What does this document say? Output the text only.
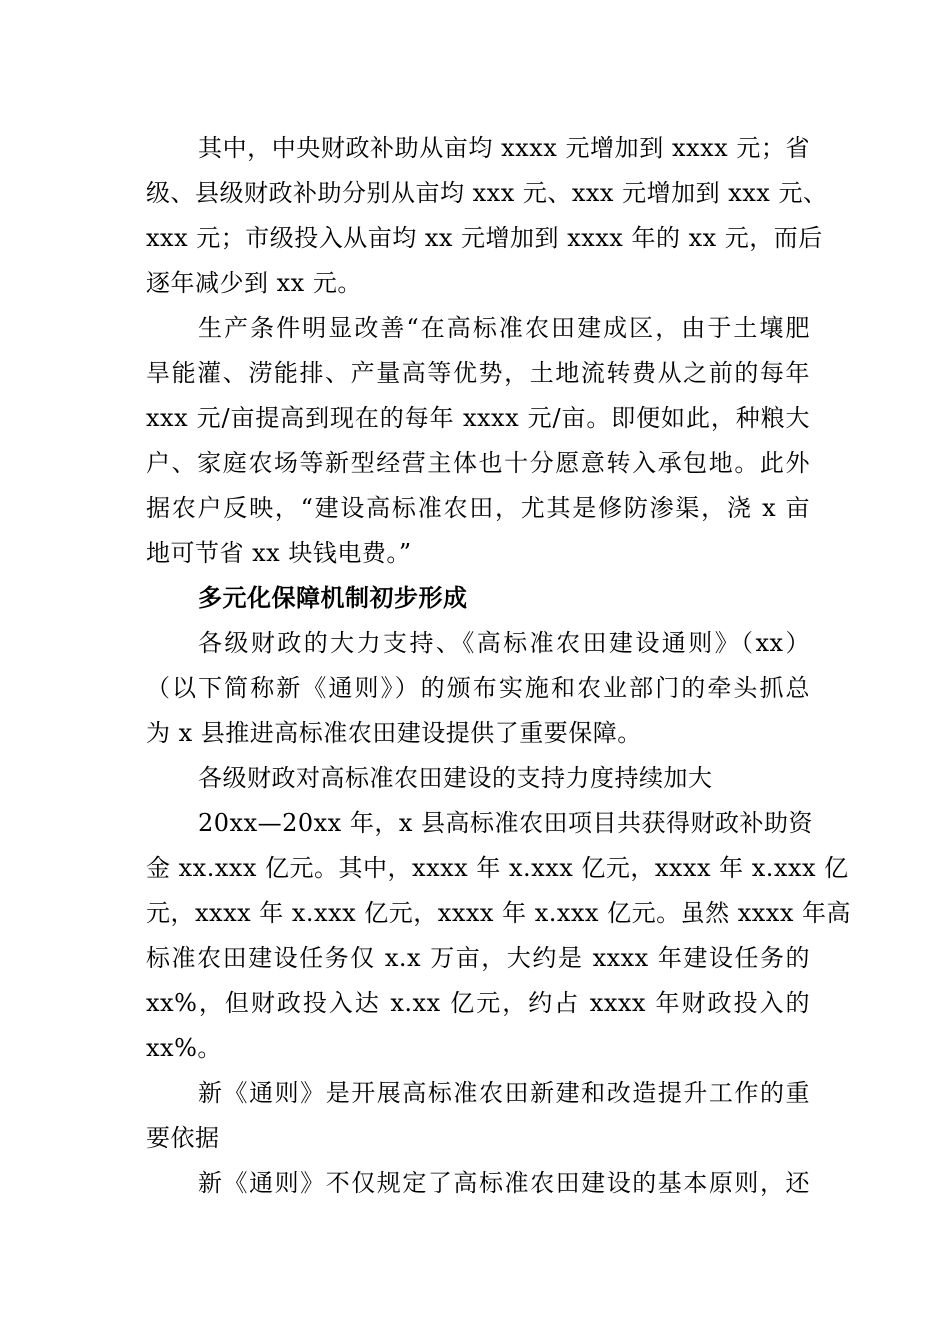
其中，中央财政补助从亩均 xxxx 元增加到 xxxx 元；省
级、县级财政补助分别从亩均 xxx 元、xxx 元增加到 xxx 元、
xxx 元；市级投入从亩均 xx 元增加到 xxxx 年的 xx 元，而后
逐年减少到 xx 元。
生产条件明显改善“在高标准农田建成区，由于土壤肥
旱能灌、涝能排、产量高等优势，土地流转费从之前的每年
xxx 元/亩提高到现在的每年 xxxx 元/亩。即便如此，种粮大
户、家庭农场等新型经营主体也十分愿意转入承包地。此外
据农户反映，“建设高标准农田，尤其是修防渗渠，浇 x 亩
地可节省 xx 块钱电费。”
多元化保障机制初步形成
各级财政的大力支持、《高标准农田建设通则》（xx）
（以下简称新《通则》）的颁布实施和农业部门的牵头抓总
为 x 县推进高标准农田建设提供了重要保障。
各级财政对高标准农田建设的支持力度持续加大
20xx—20xx 年，x 县高标准农田项目共获得财政补助资
金 xx.xxx 亿元。其中，xxxx 年 x.xxx 亿元，xxxx 年 x.xxx 亿
元，xxxx 年 x.xxx 亿元，xxxx 年 x.xxx 亿元。虽然 xxxx 年高
标准农田建设任务仅 x.x 万亩，大约是 xxxx 年建设任务的
xx%，但财政投入达 x.xx 亿元，约占 xxxx 年财政投入的
xx%。
新《通则》是开展高标准农田新建和改造提升工作的重
要依据
新《通则》不仅规定了高标准农田建设的基本原则，还
